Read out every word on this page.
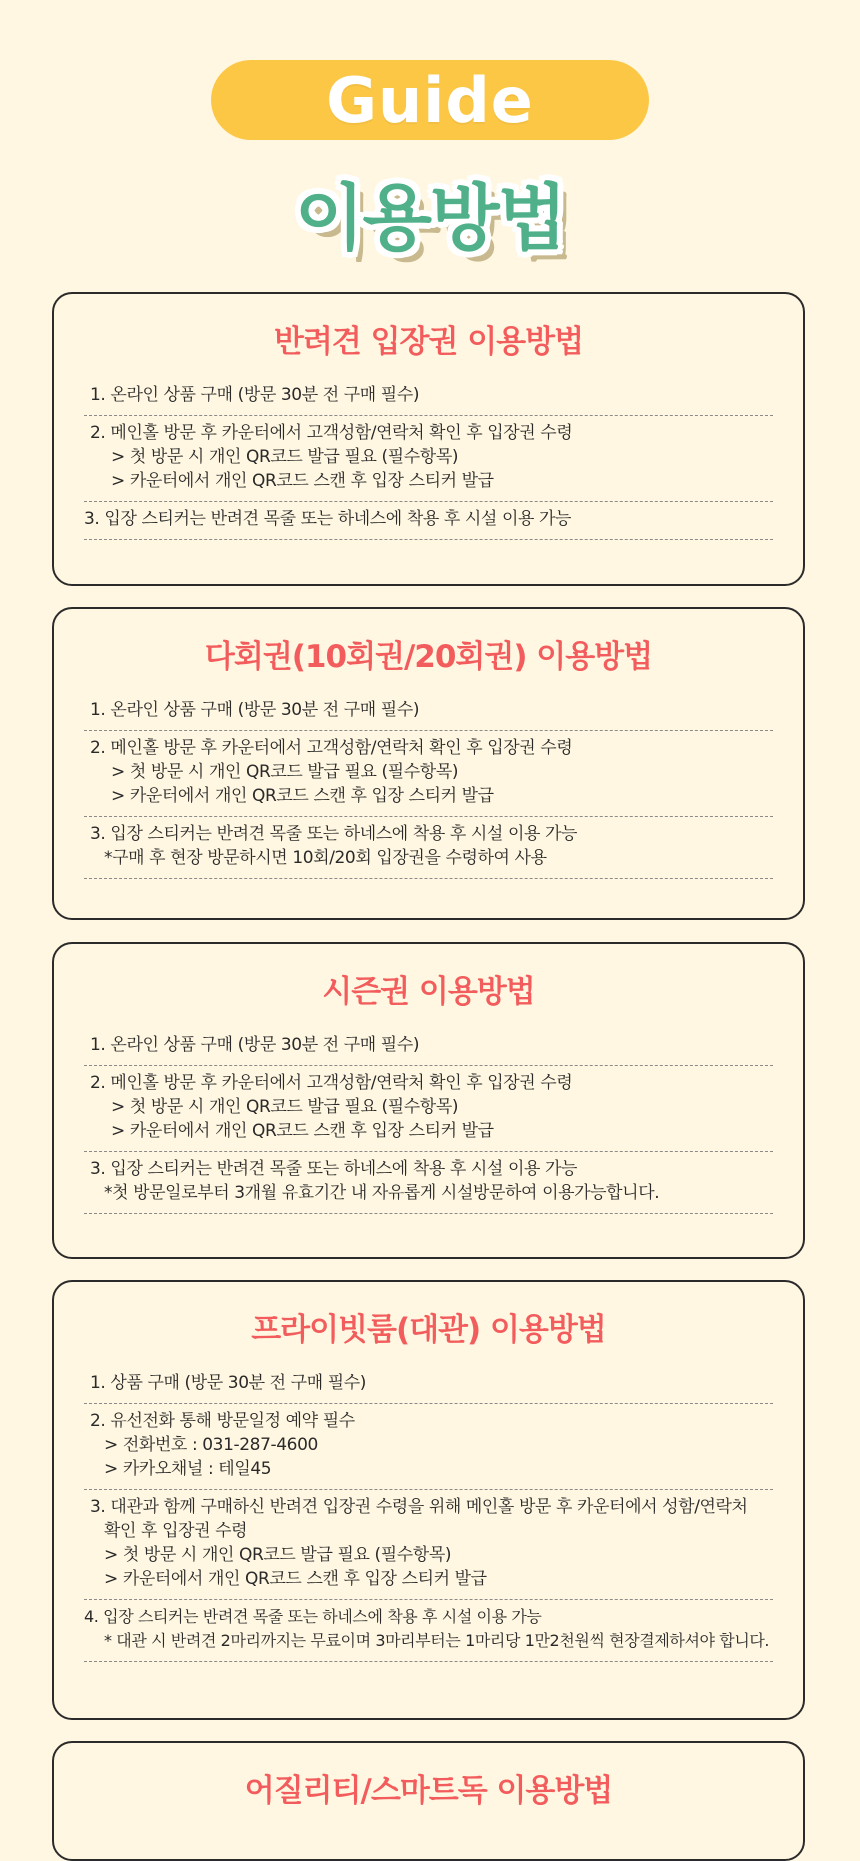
Guide
이용방법
반려견 입장권 이용방법
1. 온라인 상품 구매 (방문 30분 전 구매 필수)
2. 메인홀 방문 후 카운터에서 고객성함/연락처 확인 후 입장권 수령
> 첫 방문 시 개인 QR코드 발급 필요 (필수항목)
> 카운터에서 개인 QR코드 스캔 후 입장 스티커 발급
3. 입장 스티커는 반려견 목줄 또는 하네스에 착용 후 시설 이용 가능
다회권(10회권/20회권) 이용방법
1. 온라인 상품 구매 (방문 30분 전 구매 필수)
2. 메인홀 방문 후 카운터에서 고객성함/연락처 확인 후 입장권 수령
> 첫 방문 시 개인 QR코드 발급 필요 (필수항목)
> 카운터에서 개인 QR코드 스캔 후 입장 스티커 발급
3. 입장 스티커는 반려견 목줄 또는 하네스에 착용 후 시설 이용 가능
*구매 후 현장 방문하시면 10회/20회 입장권을 수령하여 사용
시즌권 이용방법
1. 온라인 상품 구매 (방문 30분 전 구매 필수)
2. 메인홀 방문 후 카운터에서 고객성함/연락처 확인 후 입장권 수령
> 첫 방문 시 개인 QR코드 발급 필요 (필수항목)
> 카운터에서 개인 QR코드 스캔 후 입장 스티커 발급
3. 입장 스티커는 반려견 목줄 또는 하네스에 착용 후 시설 이용 가능
*첫 방문일로부터 3개월 유효기간 내 자유롭게 시설방문하여 이용가능합니다.
프라이빗룸(대관) 이용방법
1. 상품 구매 (방문 30분 전 구매 필수)
2. 유선전화 통해 방문일정 예약 필수
> 전화번호 : 031-287-4600
> 카카오채널 : 테일45
3. 대관과 함께 구매하신 반려견 입장권 수령을 위해 메인홀 방문 후 카운터에서 성함/연락처
확인 후 입장권 수령
> 첫 방문 시 개인 QR코드 발급 필요 (필수항목)
> 카운터에서 개인 QR코드 스캔 후 입장 스티커 발급
4. 입장 스티커는 반려견 목줄 또는 하네스에 착용 후 시설 이용 가능
* 대관 시 반려견 2마리까지는 무료이며 3마리부터는 1마리당 1만2천원씩 현장결제하셔야 합니다.
어질리티/스마트독 이용방법
